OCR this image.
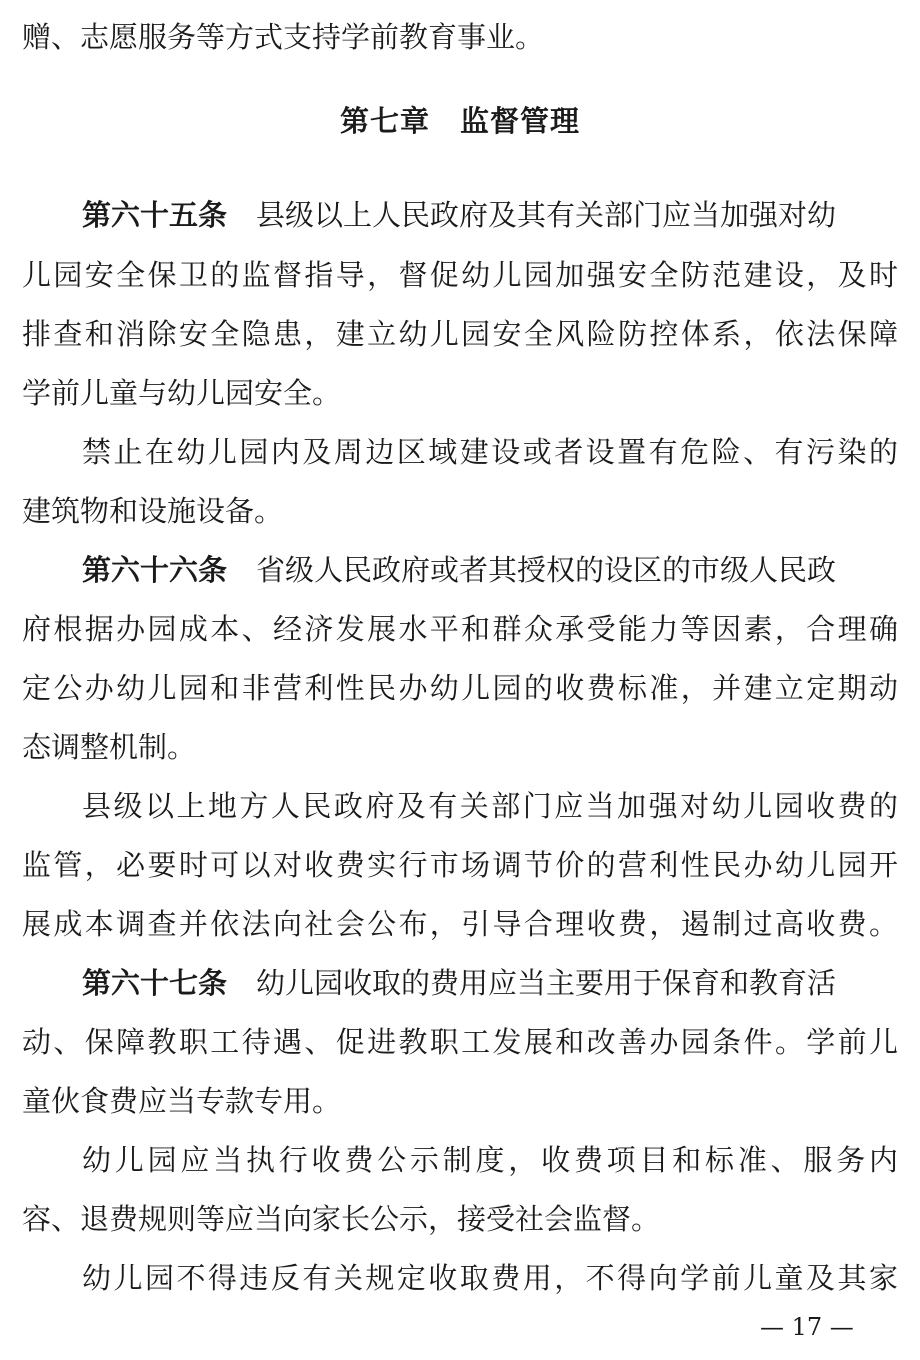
赠、志愿服务等方式支持学前教育事业。
第七章 监督管理
第六十五条 县级以上人民政府及其有关部门应当加强对幼
儿园安全保卫的监督指导，督促幼儿园加强安全防范建设，及时
排查和消除安全隐患，建立幼儿园安全风险防控体系，依法保障
学前儿童与幼儿园安全。
禁止在幼儿园内及周边区域建设或者设置有危险、有污染的
建筑物和设施设备。
第六十六条 省级人民政府或者其授权的设区的市级人民政
府根据办园成本、经济发展水平和群众承受能力等因素，合理确
定公办幼儿园和非营利性民办幼儿园的收费标准，并建立定期动
态调整机制。
县级以上地方人民政府及有关部门应当加强对幼儿园收费的
监管，必要时可以对收费实行市场调节价的营利性民办幼儿园开
展成本调查并依法向社会公布，引导合理收费，遏制过高收费。
第六十七条 幼儿园收取的费用应当主要用于保育和教育活
动、保障教职工待遇、促进教职工发展和改善办园条件。学前儿
童伙食费应当专款专用。
幼儿园应当执行收费公示制度，收费项目和标准、服务内
容、退费规则等应当向家长公示，接受社会监督。
幼儿园不得违反有关规定收取费用，不得向学前儿童及其家
— 17 —
